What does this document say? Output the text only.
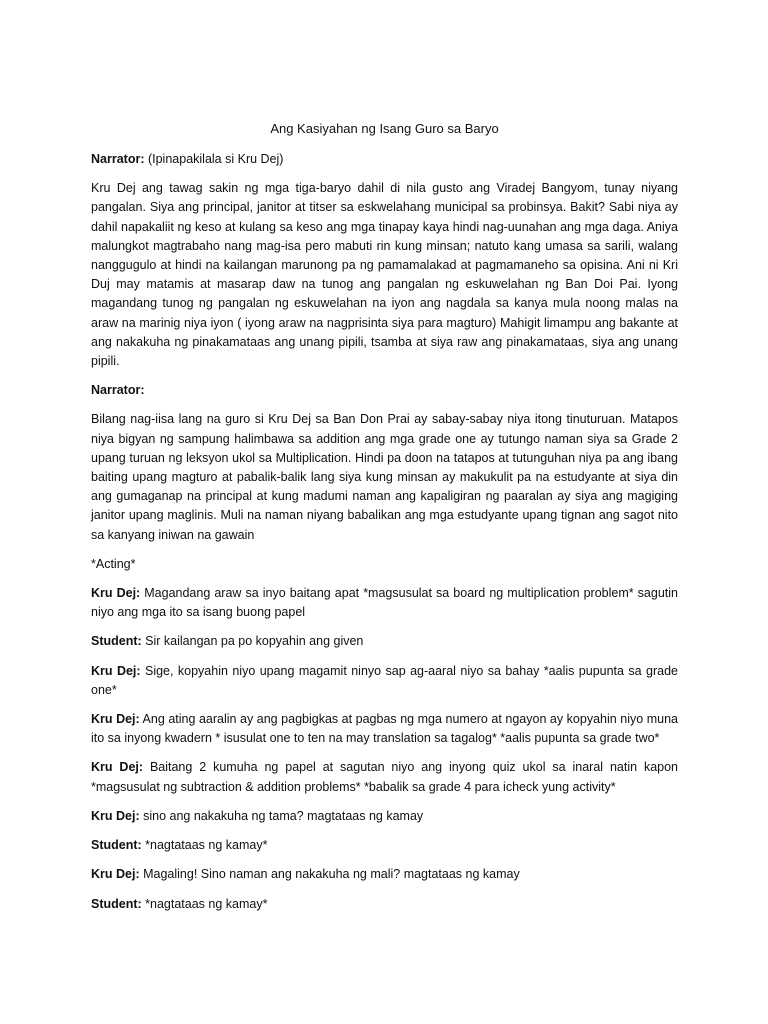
Ang Kasiyahan ng Isang Guro sa Baryo

Narrator: (Ipinapakilala si Kru Dej)

Kru Dej ang tawag sakin ng mga tiga-baryo dahil di nila gusto ang Viradej Bangyom, tunay niyang pangalan. Siya ang principal, janitor at titser sa eskwelahang municipal sa probinsya. Bakit? Sabi niya ay dahil napakaliit ng keso at kulang sa keso ang mga tinapay kaya hindi nag-uunahan ang mga daga. Aniya malungkot magtrabaho nang mag-isa pero mabuti rin kung minsan; natuto kang umasa sa sarili, walang nanggugulo at hindi na kailangan marunong pa ng pamamalakad at pagmamaneho sa opisina. Ani ni Kri Duj may matamis at masarap daw na tunog ang pangalan ng eskuwelahan ng Ban Doi Pai. Iyong magandang tunog ng pangalan ng eskuwelahan na iyon ang nagdala sa kanya mula noong malas na araw na marinig niya iyon ( iyong araw na nagprisinta siya para magturo) Mahigit limampu ang bakante at ang nakakuha ng pinakamataas ang unang pipili, tsamba at siya raw ang pinakamataas, siya ang unang pipili.

Narrator:

Bilang nag-iisa lang na guro si Kru Dej sa Ban Don Prai ay sabay-sabay niya itong tinuturuan. Matapos niya bigyan ng sampung halimbawa sa addition ang mga grade one ay tutungo naman siya sa Grade 2 upang turuan ng leksyon ukol sa Multiplication. Hindi pa doon na tatapos at tutunguhan niya pa ang ibang baiting upang magturo at pabalik-balik lang siya kung minsan ay makukulit pa na estudyante at siya din ang gumaganap na principal at kung madumi naman ang kapaligiran ng paaralan ay siya ang magiging janitor upang maglinis. Muli na naman niyang babalikan ang mga estudyante upang tignan ang sagot nito sa kanyang iniwan na gawain

*Acting*

Kru Dej: Magandang araw sa inyo baitang apat *magsusulat sa board ng multiplication problem* sagutin niyo ang mga ito sa isang buong papel

Student: Sir kailangan pa po kopyahin ang given

Kru Dej: Sige, kopyahin niyo upang magamit ninyo sap ag-aaral niyo sa bahay *aalis pupunta sa grade one*

Kru Dej: Ang ating aaralin ay ang pagbigkas at pagbas ng mga numero at ngayon ay kopyahin niyo muna ito sa inyong kwadern * isusulat one to ten na may translation sa tagalog* *aalis pupunta sa grade two*

Kru Dej: Baitang 2 kumuha ng papel at sagutan niyo ang inyong quiz ukol sa inaral natin kapon *magsusulat ng subtraction & addition problems* *babalik sa grade 4 para icheck yung activity*

Kru Dej: sino ang nakakuha ng tama? magtataas ng kamay

Student: *nagtataas ng kamay*

Kru Dej: Magaling! Sino naman ang nakakuha ng mali? magtataas ng kamay

Student: *nagtataas ng kamay*
